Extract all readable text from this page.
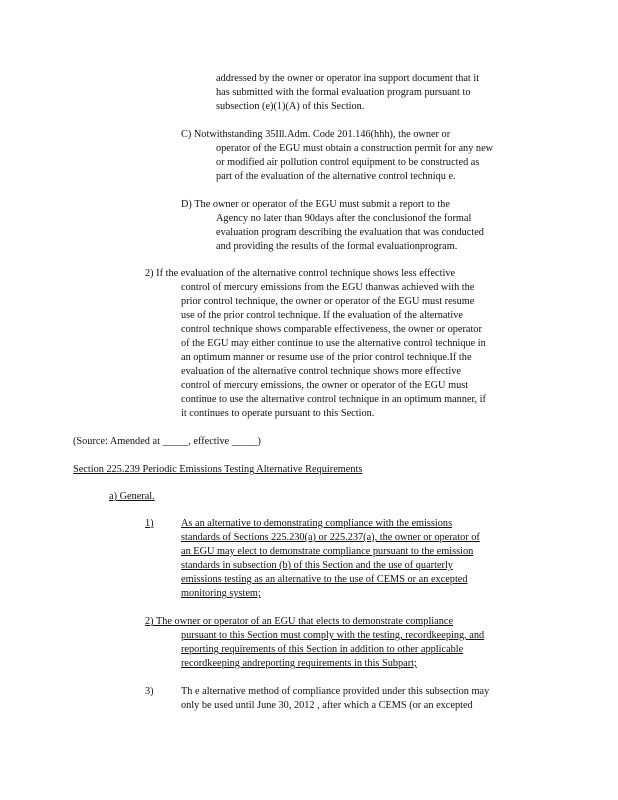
addressed by the owner or operator ina support document that it
has submitted with the formal evaluation program pursuant to
subsection (e)(1)(A) of this Section.
C) Notwithstanding 35Ill.Adm. Code 201.146(hhh), the owner or
operator of the EGU must obtain a construction permit for any new
or modified air pollution control equipment to be constructed as
part of the evaluation of the alternative control techniqu e.
D) The owner or operator of the EGU must submit a report to the
Agency no later than 90days after the conclusionof the formal
evaluation program describing the evaluation that was conducted
and providing the results of the formal evaluationprogram.
2) If the evaluation of the alternative control technique shows less effective
control of mercury emissions from the EGU thanwas achieved with the
prior control technique, the owner or operator of the EGU must resume
use of the prior control technique. If the evaluation of the alternative
control technique shows comparable effectiveness, the owner or operator
of the EGU may either continue to use the alternative control technique in
an optimum manner or resume use of the prior control technique.If the
evaluation of the alternative control technique shows more effective
control of mercury emissions, the owner or operator of the EGU must
continue to use the alternative control technique in an optimum manner, if
it continues to operate pursuant to this Section.
(Source: Amended at _____, effective _____)
Section 225.239 Periodic Emissions Testing Alternative Requirements
a) General.
1)	As an alternative to demonstrating compliance with the emissions
standards of Sections 225.230(a) or 225.237(a), the owner or operator of
an EGU may elect to demonstrate compliance pursuant to the emission
standards in subsection (b) of this Section and the use of quarterly
emissions testing as an alternative to the use of CEMS or an excepted
monitoring system;
2) The owner or operator of an EGU that elects to demonstrate compliance
pursuant to this Section must comply with the testing, recordkeeping, and
reporting requirements of this Section in addition to other applicable
recordkeeping andreporting requirements in this Subpart;
3)	Th e alternative method of compliance provided under this subsection may
only be used until June 30, 2012 , after which a CEMS (or an excepted
